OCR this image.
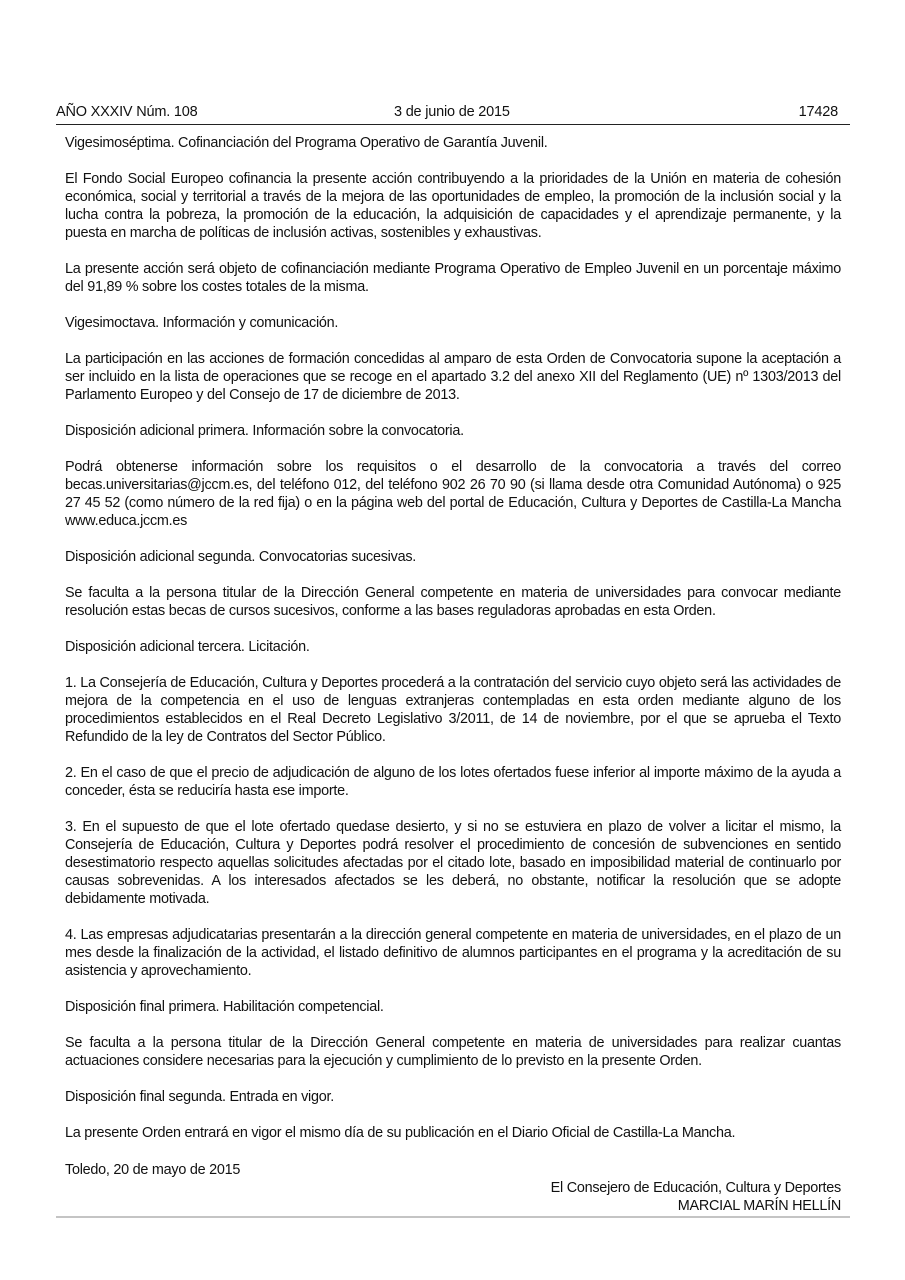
AÑO XXXIV Núm. 108	3 de junio de 2015	17428

Vigesimoséptima. Cofinanciación del Programa Operativo de Garantía Juvenil.

El Fondo Social Europeo cofinancia la presente acción contribuyendo a la prioridades de la Unión en materia de cohesión económica, social y territorial a través de la mejora de las oportunidades de empleo, la promoción de la inclusión social y la lucha contra la pobreza, la promoción de la educación, la adquisición de capacidades y el aprendizaje permanente, y la puesta en marcha de políticas de inclusión activas, sostenibles y exhaustivas.

La presente acción será objeto de cofinanciación mediante Programa Operativo de Empleo Juvenil en un porcentaje máximo del 91,89 % sobre los costes totales de la misma.

Vigesimoctava. Información y comunicación.

La participación en las acciones de formación concedidas al amparo de esta Orden de Convocatoria supone la aceptación a ser incluido en la lista de operaciones que se recoge en el apartado 3.2 del anexo XII del Reglamento (UE) nº 1303/2013 del Parlamento Europeo y del Consejo de 17 de diciembre de 2013.

Disposición adicional primera. Información sobre la convocatoria.

Podrá obtenerse información sobre los requisitos o el desarrollo de la convocatoria a través del correo becas.universitarias@jccm.es, del teléfono 012, del teléfono 902 26 70 90 (si llama desde otra Comunidad Autónoma) o 925 27 45 52 (como número de la red fija) o en la página web del portal de Educación, Cultura y Deportes de Castilla-La Mancha www.educa.jccm.es

Disposición adicional segunda. Convocatorias sucesivas.

Se faculta a la persona titular de la Dirección General competente en materia de universidades para convocar mediante resolución estas becas de cursos sucesivos, conforme a las bases reguladoras aprobadas en esta Orden.

Disposición adicional tercera. Licitación.

1. La Consejería de Educación, Cultura y Deportes procederá a la contratación del servicio cuyo objeto será las actividades de mejora de la competencia en el uso de lenguas extranjeras contempladas en esta orden mediante alguno de los procedimientos establecidos en el Real Decreto Legislativo 3/2011, de 14 de noviembre, por el que se aprueba el Texto Refundido de la ley de Contratos del Sector Público.

2. En el caso de que el precio de adjudicación de alguno de los lotes ofertados fuese inferior al importe máximo de la ayuda a conceder, ésta se reduciría hasta ese importe.

3. En el supuesto de que el lote ofertado quedase desierto, y si no se estuviera en plazo de volver a licitar el mismo, la Consejería de Educación, Cultura y Deportes podrá resolver el procedimiento de concesión de subvenciones en sentido desestimatorio respecto aquellas solicitudes afectadas por el citado lote, basado en imposibilidad material de continuarlo por causas sobrevenidas. A los interesados afectados se les deberá, no obstante, notificar la resolución que se adopte debidamente motivada.

4. Las empresas adjudicatarias presentarán a la dirección general competente en materia de universidades, en el plazo de un mes desde la finalización de la actividad, el listado definitivo de alumnos participantes en el programa y la acreditación de su asistencia y aprovechamiento.

Disposición final primera. Habilitación competencial.

Se faculta a la persona titular de la Dirección General competente en materia de universidades para realizar cuantas actuaciones considere necesarias para la ejecución y cumplimiento de lo previsto en la presente Orden.

Disposición final segunda. Entrada en vigor.

La presente Orden entrará en vigor el mismo día de su publicación en el Diario Oficial de Castilla-La Mancha.

Toledo, 20 de mayo de 2015
El Consejero de Educación, Cultura y Deportes
MARCIAL MARÍN HELLÍN
